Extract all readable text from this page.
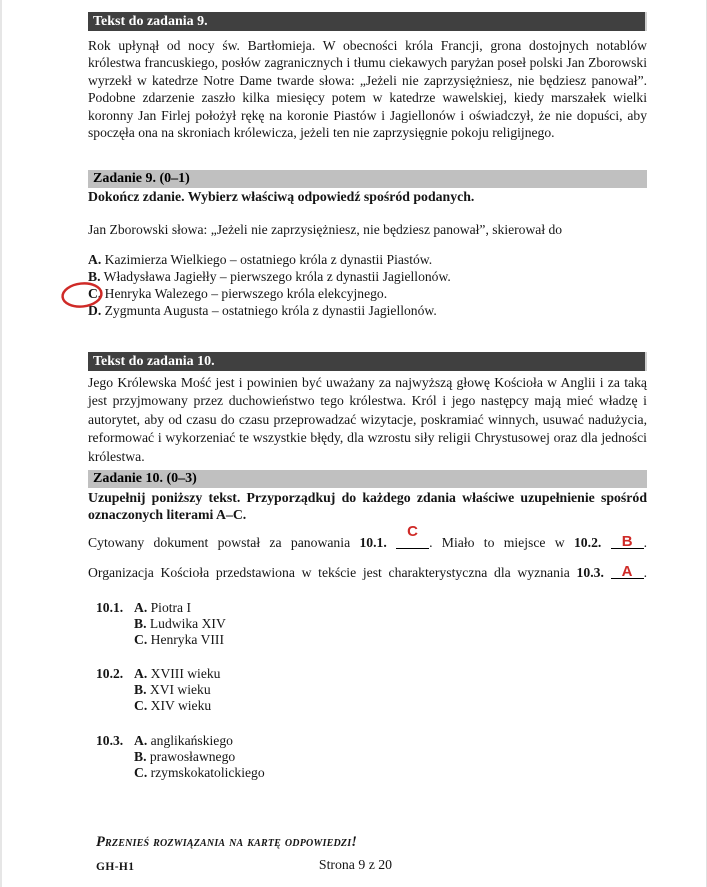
Tekst do zadania 9.
Rok upłynął od nocy św. Bartłomieja. W obecności króla Francji, grona dostojnych notablów królestwa francuskiego, posłów zagranicznych i tłumu ciekawych paryżan poseł polski Jan Zborowski wyrzekł w katedrze Notre Dame twarde słowa: „Jeżeli nie zaprzysiężniesz, nie będziesz panował”. Podobne zdarzenie zaszło kilka miesięcy potem w katedrze wawelskiej, kiedy marszałek wielki koronny Jan Firlej położył rękę na koronie Piastów i Jagiellonów i oświadczył, że nie dopuści, aby spoczęła ona na skroniach królewicza, jeżeli ten nie zaprzysięgnie pokoju religijnego.
Zadanie 9. (0–1)
Dokończ zdanie. Wybierz właściwą odpowiedź spośród podanych.
Jan Zborowski słowa: „Jeżeli nie zaprzysiężniesz, nie będziesz panował”, skierował do
A. Kazimierza Wielkiego – ostatniego króla z dynastii Piastów.
B. Władysława Jagiełły – pierwszego króla z dynastii Jagiellonów.
C. Henryka Walezego – pierwszego króla elekcyjnego.
D. Zygmunta Augusta – ostatniego króla z dynastii Jagiellonów.
Tekst do zadania 10.
Jego Królewska Mość jest i powinien być uważany za najwyższą głowę Kościoła w Anglii i za taką jest przyjmowany przez duchowieństwo tego królestwa. Król i jego następcy mają mieć władzę i autorytet, aby od czasu do czasu przeprowadzać wizytacje, poskramiać winnych, usuwać nadużycia, reformować i wykorzeniać te wszystkie błędy, dla wzrostu siły religii Chrystusowej oraz dla jedności królestwa.
Zadanie 10. (0–3)
Uzupełnij poniższy tekst. Przyporządkuj do każdego zdania właściwe uzupełnienie spośród oznaczonych literami A–C.
Cytowany dokument powstał za panowania 10.1.
C
. Miało to miejsce w 10.2. B .
Organizacja Kościoła przedstawiona w tekście jest charakterystyczna dla wyznania 10.3. A .
10.1. A. Piotra I
B. Ludwika XIV
C. Henryka VIII
10.2. A. XVIII wieku
B. XVI wieku
C. XIV wieku
10.3. A. anglikańskiego
B. prawosławnego
C. rzymskokatolickiego
Przenieś rozwiązania na kartę odpowiedzi!
GH-H1	Strona 9 z 20
